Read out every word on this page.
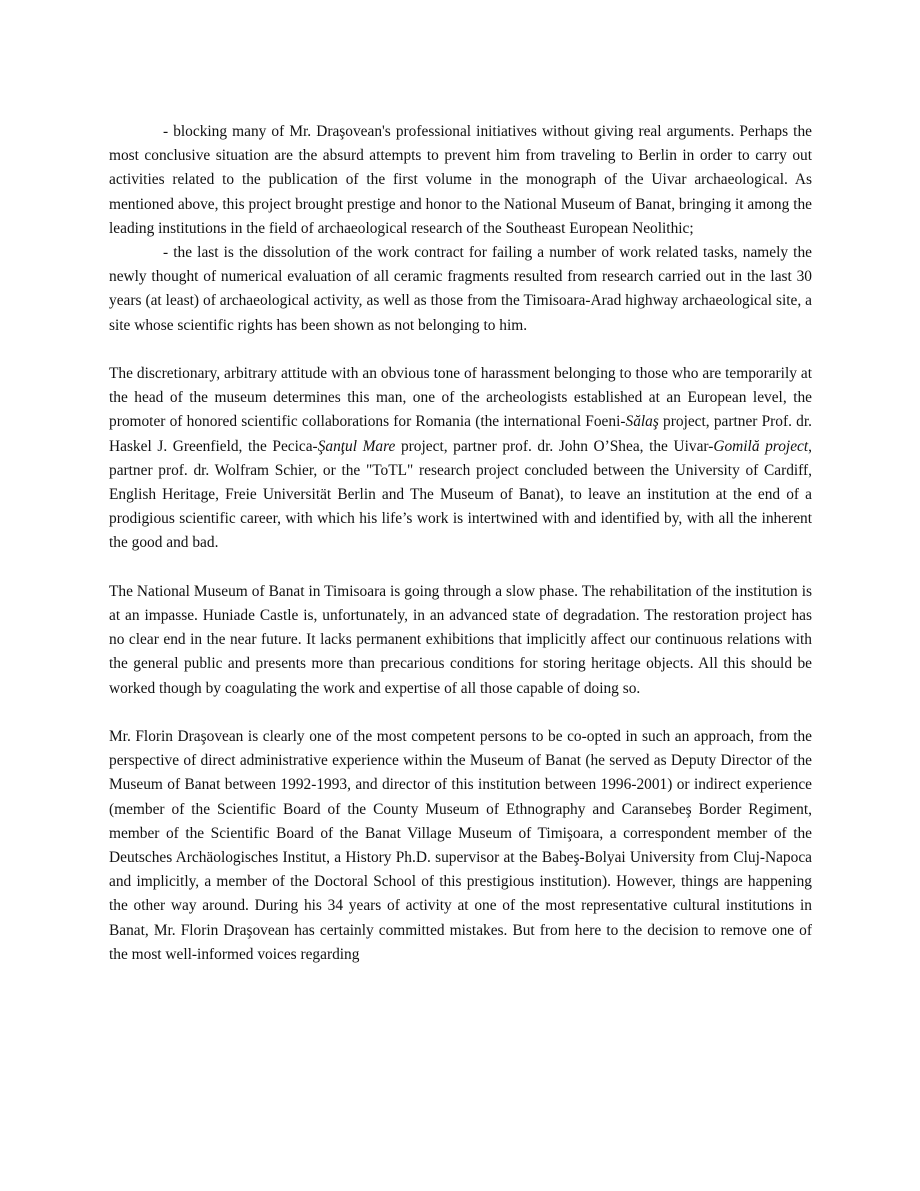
- blocking many of Mr. Draşovean's professional initiatives without giving real arguments. Perhaps the most conclusive situation are the absurd attempts to prevent him from traveling to Berlin in order to carry out activities related to the publication of the first volume in the monograph of the Uivar archaeological. As mentioned above, this project brought prestige and honor to the National Museum of Banat, bringing it among the leading institutions in the field of archaeological research of the Southeast European Neolithic;

- the last is the dissolution of the work contract for failing a number of work related tasks, namely the newly thought of numerical evaluation of all ceramic fragments resulted from research carried out in the last 30 years (at least) of archaeological activity, as well as those from the Timisoara-Arad highway archaeological site, a site whose scientific rights has been shown as not belonging to him.

The discretionary, arbitrary attitude with an obvious tone of harassment belonging to those who are temporarily at the head of the museum determines this man, one of the archeologists established at an European level, the promoter of honored scientific collaborations for Romania (the international Foeni-Sălaş project, partner Prof. dr. Haskel J. Greenfield, the Pecica-Şanţul Mare project, partner prof. dr. John O’Shea, the Uivar-Gomilă project, partner prof. dr. Wolfram Schier, or the "ToTL" research project concluded between the University of Cardiff, English Heritage, Freie Universität Berlin and The Museum of Banat), to leave an institution at the end of a prodigious scientific career, with which his life’s work is intertwined with and identified by, with all the inherent the good and bad.

The National Museum of Banat in Timisoara is going through a slow phase. The rehabilitation of the institution is at an impasse. Huniade Castle is, unfortunately, in an advanced state of degradation. The restoration project has no clear end in the near future. It lacks permanent exhibitions that implicitly affect our continuous relations with the general public and presents more than precarious conditions for storing heritage objects. All this should be worked though by coagulating the work and expertise of all those capable of doing so.

Mr. Florin Draşovean is clearly one of the most competent persons to be co-opted in such an approach, from the perspective of direct administrative experience within the Museum of Banat (he served as Deputy Director of the Museum of Banat between 1992-1993, and director of this institution between 1996-2001) or indirect experience (member of the Scientific Board of the County Museum of Ethnography and Caransebeş Border Regiment, member of the Scientific Board of the Banat Village Museum of Timişoara, a correspondent member of the Deutsches Archäologisches Institut, a History Ph.D. supervisor at the Babeş-Bolyai University from Cluj-Napoca and implicitly, a member of the Doctoral School of this prestigious institution). However, things are happening the other way around. During his 34 years of activity at one of the most representative cultural institutions in Banat, Mr. Florin Draşovean has certainly committed mistakes. But from here to the decision to remove one of the most well-informed voices regarding
